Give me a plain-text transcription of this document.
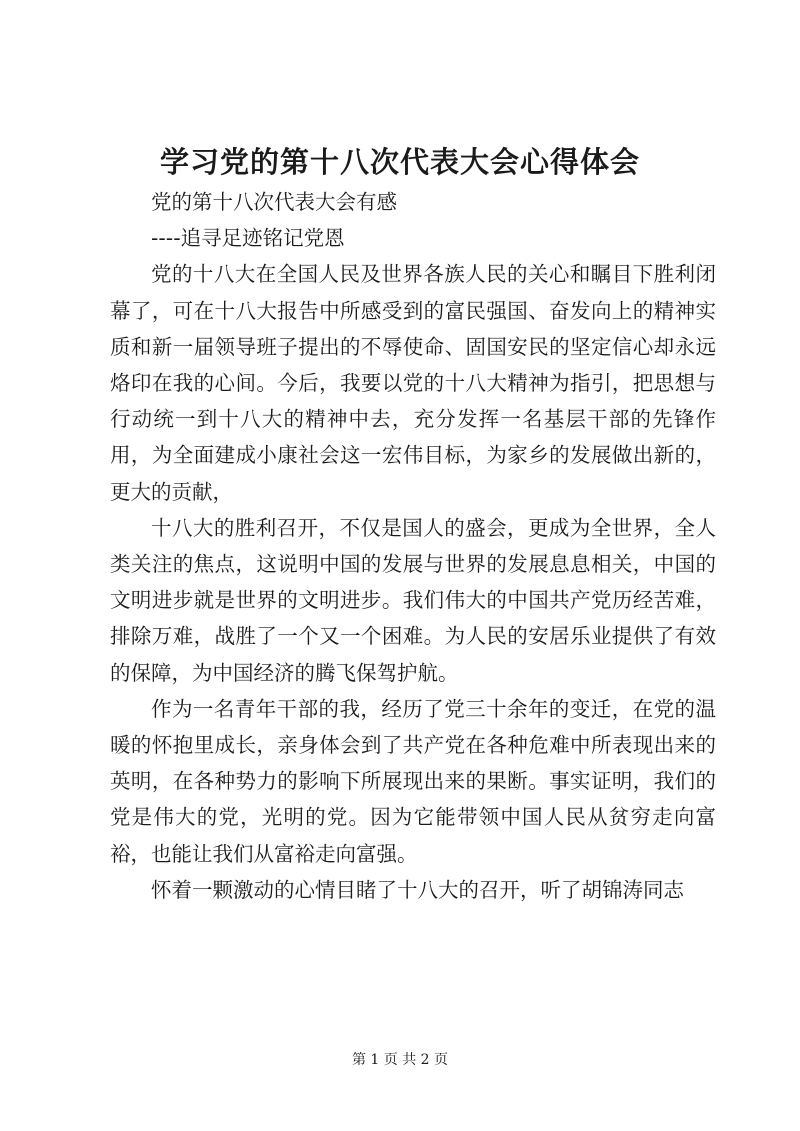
学习党的第十八次代表大会心得体会
党的第十八次代表大会有感
----追寻足迹铭记党恩

党的十八大在全国人民及世界各族人民的关心和瞩目下胜利闭幕了，可在十八大报告中所感受到的富民强国、奋发向上的精神实质和新一届领导班子提出的不辱使命、固国安民的坚定信心却永远烙印在我的心间。今后，我要以党的十八大精神为指引，把思想与行动统一到十八大的精神中去，充分发挥一名基层干部的先锋作用，为全面建成小康社会这一宏伟目标，为家乡的发展做出新的，更大的贡献，

十八大的胜利召开，不仅是国人的盛会，更成为全世界，全人类关注的焦点，这说明中国的发展与世界的发展息息相关，中国的文明进步就是世界的文明进步。我们伟大的中国共产党历经苦难，排除万难，战胜了一个又一个困难。为人民的安居乐业提供了有效的保障，为中国经济的腾飞保驾护航。

作为一名青年干部的我，经历了党三十余年的变迁，在党的温暖的怀抱里成长，亲身体会到了共产党在各种危难中所表现出来的英明，在各种势力的影响下所展现出来的果断。事实证明，我们的党是伟大的党，光明的党。因为它能带领中国人民从贫穷走向富裕，也能让我们从富裕走向富强。

怀着一颗激动的心情目睹了十八大的召开，听了胡锦涛同志

第 1 页 共 2 页
